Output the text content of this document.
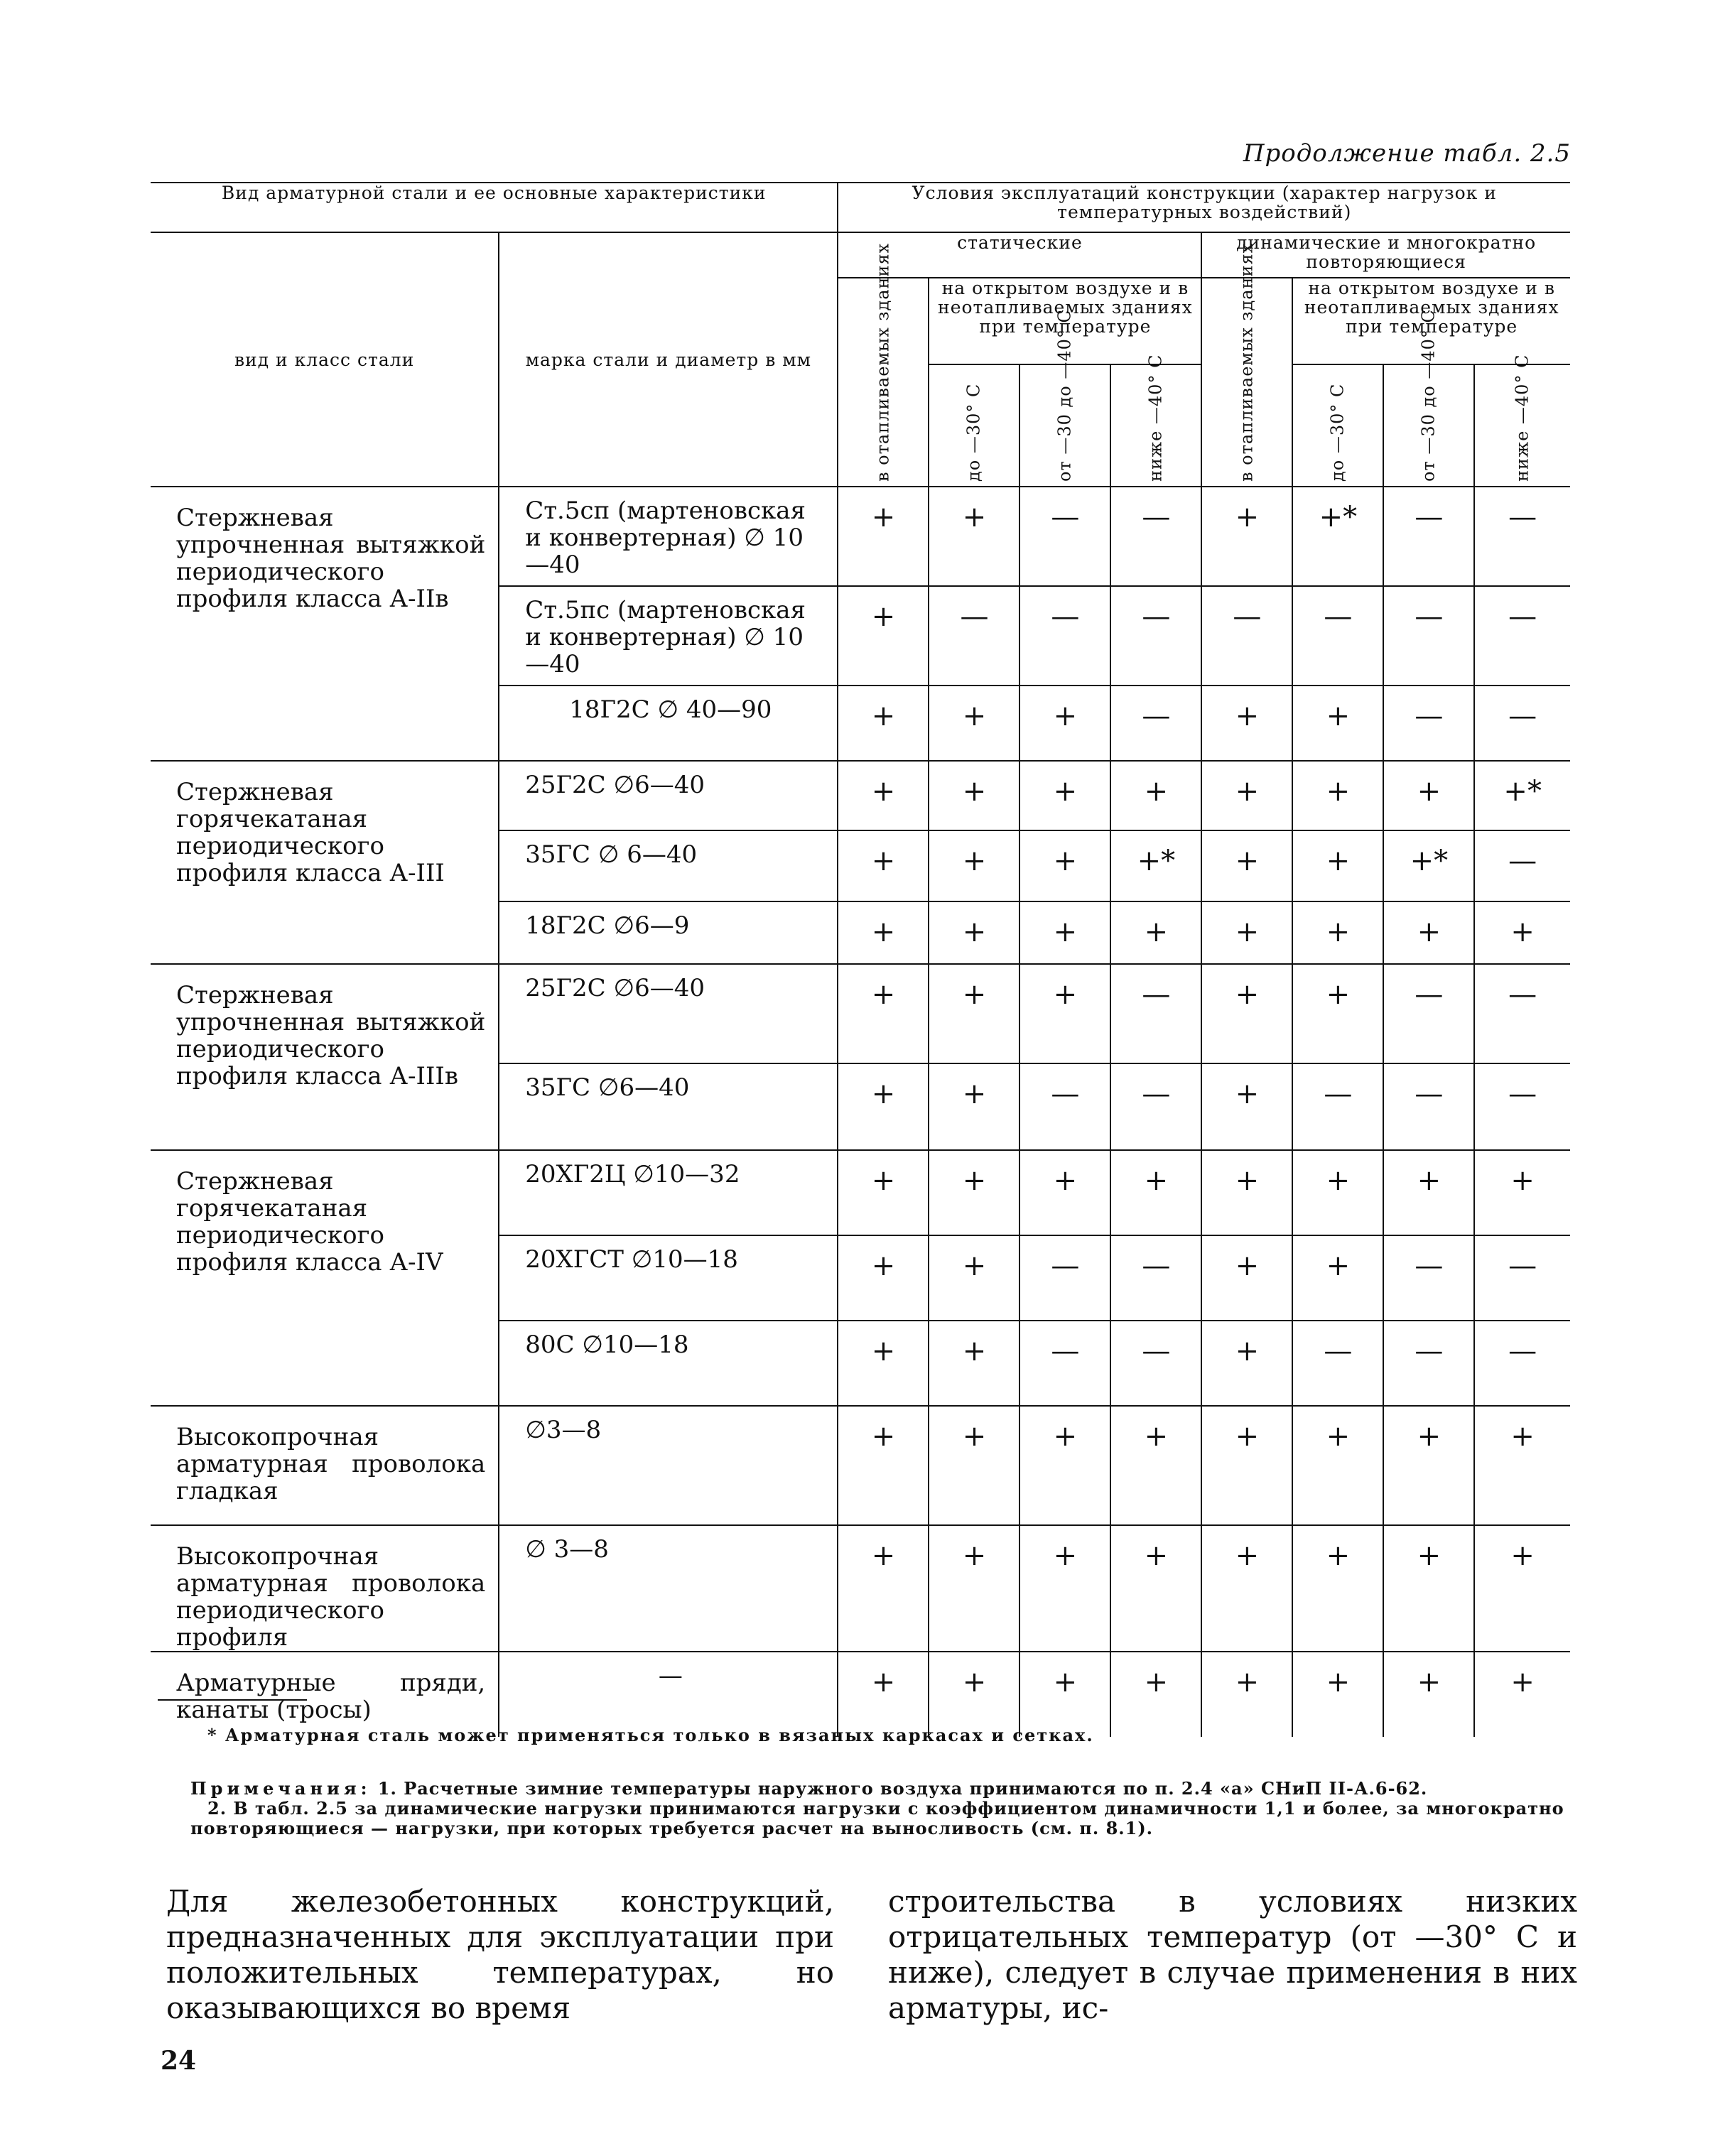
Продолжение табл. 2.5
Вид арматурной стали и ее основные характеристики		Условия эксплуатаций конструкции (характер нагрузок и температурных воздействий)							
вид и класс стали	марка стали и диаметр в мм	статические				динамические и многократно повторяющиеся			

		в отапливаемых зданиях	на открытом воздухе и в неотапливаемых зданиях при температуре			в отапливаемых зданиях	на открытом воздухе и в неотапливаемых зданиях при температуре		

			до —30° С	от —30 до —40° С	ниже —40° С		до —30° С	от —30 до —40° С	ниже —40° С

Стержневая упрочненная вытяжкой периодического профиля класса А-IIв	Ст.5сп (мартеновская и конвертерная) ∅ 10—40	+	+	—	—	+	+*	—	—
	Ст.5пс (мартеновская и конвертерная) ∅ 10—40	+	—	—	—	—	—	—	—
	18Г2С ∅ 40—90	+	+	+	—	+	+	—	—
Стержневая горячекатаная периодического профиля класса А-III	25Г2С ∅6—40	+	+	+	+	+	+	+	+*
	35ГС ∅ 6—40	+	+	+	+*	+	+	+*	—
	18Г2С ∅6—9	+	+	+	+	+	+	+	+
Стержневая упрочненная вытяжкой периодического профиля класса А-IIIв	25Г2С ∅6—40	+	+	+	—	+	+	—	—
	35ГС ∅6—40	+	+	—	—	+	—	—	—
Стержневая горячекатаная периодического профиля класса А-IV	20ХГ2Ц ∅10—32	+	+	+	+	+	+	+	+
	20ХГСТ ∅10—18	+	+	—	—	+	+	—	—
	80С ∅10—18	+	+	—	—	+	—	—	—
Высокопрочная арматурная проволока гладкая	∅3—8	+	+	+	+	+	+	+	+
Высокопрочная арматурная проволока периодического профиля	∅ 3—8	+	+	+	+	+	+	+	+
Арматурные пряди, канаты (тросы)	—	+	+	+	+	+	+	+	+
* Арматурная сталь может применяться только в вязаных каркасах и сетках.

Примечания: 1. Расчетные зимние температуры наружного воздуха принимаются по п. 2.4 «а» СНиП II-А.6-62.

2. В табл. 2.5 за динамические нагрузки принимаются нагрузки с коэффициентом динамичности 1,1 и более, за многократно повторяющиеся — нагрузки, при которых требуется расчет на выносливость (см. п. 8.1).

Для железобетонных конструкций, предназначенных для эксплуатации при положительных температурах, но оказывающихся во время
строительства в условиях низких отрицательных температур (от —30° С и ниже), следует в случае применения в них арматуры, ис-
24
